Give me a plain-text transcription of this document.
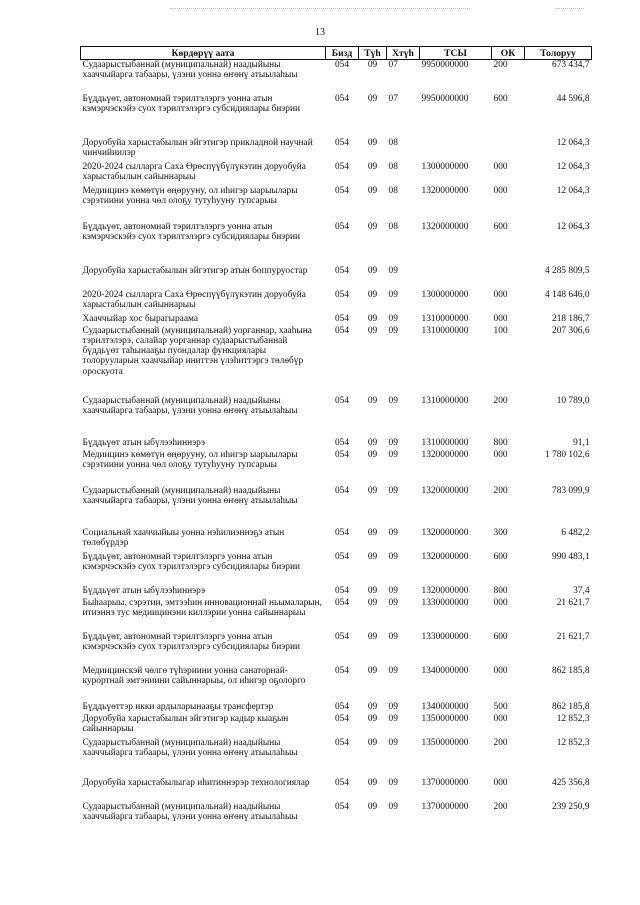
13
Көрдөрүү аата	Бизд	Түһ	Хтүһ	ТСЫ	ОК	Толоруу
Судаарыстыбаннай (муниципальнай) наадыйыны хааччыйарга табаары, үлэни уонна өҥөнү атыылаһыы	054	09	07	9950000000	200	673 434,7
Бүддьүөт, автономнай тэрилтэлэргэ уонна атын кэмэрчэскэйэ суох тэрилтэлэргэ субсидиялары биэрии	054	09	07	9950000000	600	44 596,8
Доруобуйа харыстабылын эйгэтигэр прикладной научнай чинчийиилэр	054	09	08			12 064,3
2020-2024 сылларга Саха Өрөспүүбүлүкэтин доруобуйа харыстабылын сайыннарыы	054	09	08	1300000000	000	12 064,3
Медиицинэ көмөтүн өңөрууну, ол иһигэр ыарыылары сэрэтиини уонна чөл олоҕу тутуһууну тупсарыы	054	09	08	1320000000	000	12 064,3
Бүддьүөт, автономнай тэрилтэлэргэ уонна атын кэмэрчэскэйэ суох тэрилтэлэргэ субсидиялары биэрии	054	09	08	1320000000	600	12 064,3
Доруобуйа харыстабылын эйгэтигэр атын боппуруостар	054	09	09			4 285 809,5
2020-2024 сылларга Саха Өрөспүүбүлүкэтин доруобуйа харыстабылын сайыннарыы	054	09	09	1300000000	000	4 148 646,0
Хааччыйар хос бырагыраама	054	09	09	1310000000	000	218 186,7
Судаарыстыбаннай (муниципальнай) уорганнар, хааһына тэрилтэлэрэ, салайар уорганнар судаарыстыбаннай бүддьүөт таһынааҕы пуондалар функциялары толорууларын хааччыйар иниттэн үлэһиттэргэ төлөбүр ороскуота	054	09	09	1310000000	100	207 306,6
Судаарыстыбаннай (муниципальнай) наадыйыны хааччыйарга табаары, үлэни уонна өҥөнү атыылаһыы	054	09	09	1310000000	200	10 789,0
Бүддьүөт атын ыбүлээһиннэрэ	054	09	09	1310000000	800	91,1
Медиицинэ көмөтүн өңөрууну, ол иһигэр ыарыылары сэрэтиини уонна чөл олоҕу тутуһууну тупсарыы	054	09	09	1320000000	000	1 780 102,6
Судаарыстыбаннай (муниципальнай) наадыйыны хааччыйарга табаары, үлэни уонна өҥөнү атыылаһыы	054	09	09	1320000000	200	783 099,9
Социальнай хааччыйыы уонна нэһилиэннэҕэ атын төлөбүрдэр	054	09	09	1320000000	300	6 482,2
Бүддьүөт, автономнай тэрилтэлэргэ уонна атын кэмэрчэскэйэ суох тэрилтэлэргэ субсидиялары биэрии	054	09	09	1320000000	600	990 483,1
Бүддьүөт атын ыбүлээһиннэрэ	054	09	09	1320000000	800	37,4
Быһаарыы, сэрэтии, эмтээһин инновационнай ньымаларын, итиэннэ тус медиицинэни киллэрии уонна сайыннарыы	054	09	09	1330000000	000	21 621,7
Бүддьүөт, автономнай тэрилтэлэргэ уонна атын кэмэрчэскэйэ суох тэрилтэлэргэ субсидиялары биэрии	054	09	09	1330000000	600	21 621,7
Медиицинскэй чөлгө түһэриини уонна санаторнай-курортнай эмтэниини сайыннарыы, ол иһигэр оҕолорго	054	09	09	1340000000	000	862 185,8
Бүддьүөттэр икки ардыларынааҕы трансфертэр	054	09	09	1340000000	500	862 185,8
Доруобуйа харыстабылын эйгэтигэр кадыр кыаҕын сайыннарыы	054	09	09	1350000000	000	12 852,3
Судаарыстыбаннай (муниципальнай) наадыйыны хааччыйарга табаары, үлэни уонна өҥөнү атыылаһыы	054	09	09	1350000000	200	12 852,3
Доруобуйа харыстабылыгар иһитиннэрэр технологиялар	054	09	09	1370000000	000	425 356,8
Судаарыстыбаннай (муниципальнай) наадыйыны хааччыйарга табаары, үлэни уонна өҥөнү атыылаһыы	054	09	09	1370000000	200	239 250,9
